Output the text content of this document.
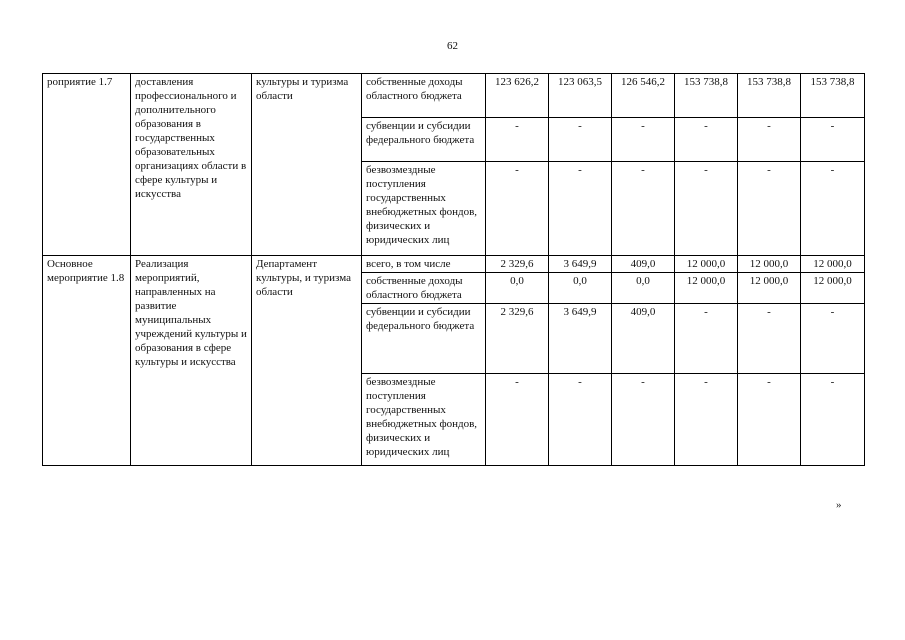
62
роприятие 1.7	доставления профессионального и дополнительного образования в государственных образовательных организациях области в сфере культуры и искусства	культуры и туризма области	собственные доходы областного бюджета	123 626,2	123 063,5	126 546,2	153 738,8	153 738,8	153 738,8
			субвенции и субсидии федерального бюджета	-	-	-	-	-	-
			безвозмездные поступления государственных внебюджетных фондов, физических и юридических лиц	-	-	-	-	-	-
Основное мероприятие 1.8	Реализация мероприятий, направленных на развитие муниципальных учреждений культуры и образования в сфере культуры и искусства	Департамент культуры, и туризма области	всего, в том числе	2 329,6	3 649,9	409,0	12 000,0	12 000,0	12 000,0
			собственные доходы областного бюджета	0,0	0,0	0,0	12 000,0	12 000,0	12 000,0
			субвенции и субсидии федерального бюджета	2 329,6	3 649,9	409,0	-	-	-
			безвозмездные поступления государственных внебюджетных фондов, физических и юридических лиц	-	-	-	-	-	-
»
